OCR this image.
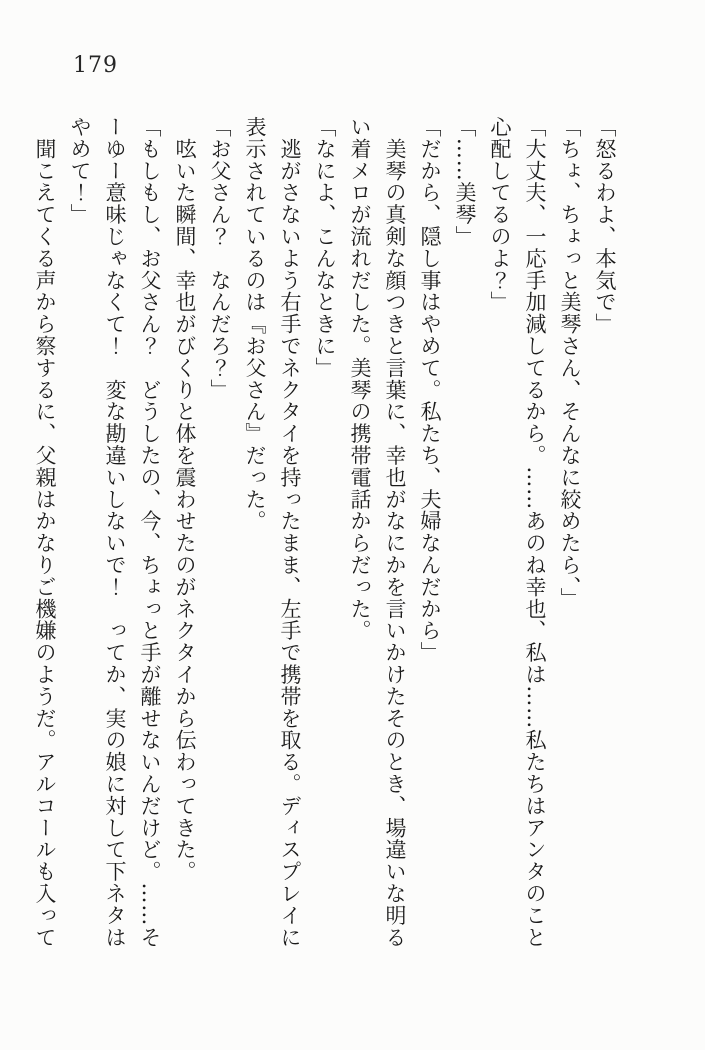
179

「怒るわよ、本気で」

「ちょ、ちょっと美琴さん、そんなに絞めたら、」

「大丈夫、一応手加減してるから。……あのね幸也、私は……私たちはアンタのこと

心配してるのよ？」

「……美琴」

「だから、隠し事はやめて。私たち、夫婦なんだから」

　美琴の真剣な顔つきと言葉に、幸也がなにかを言いかけたそのとき、場違いな明る

い着メロが流れだした。美琴の携帯電話からだった。

「なによ、こんなときに」

　逃がさないよう右手でネクタイを持ったまま、左手で携帯を取る。ディスプレイに

表示されているのは『お父さん』だった。

「お父さん？　なんだろ？」

　呟いた瞬間、幸也がびくりと体を震わせたのがネクタイから伝わってきた。

「もしもし、お父さん？　どうしたの、今、ちょっと手が離せないんだけど。……そ

ーゆー意味じゃなくて！　変な勘違いしないで！　ってか、実の娘に対して下ネタは

やめて！」

　聞こえてくる声から察するに、父親はかなりご機嫌のようだ。アルコールも入って
